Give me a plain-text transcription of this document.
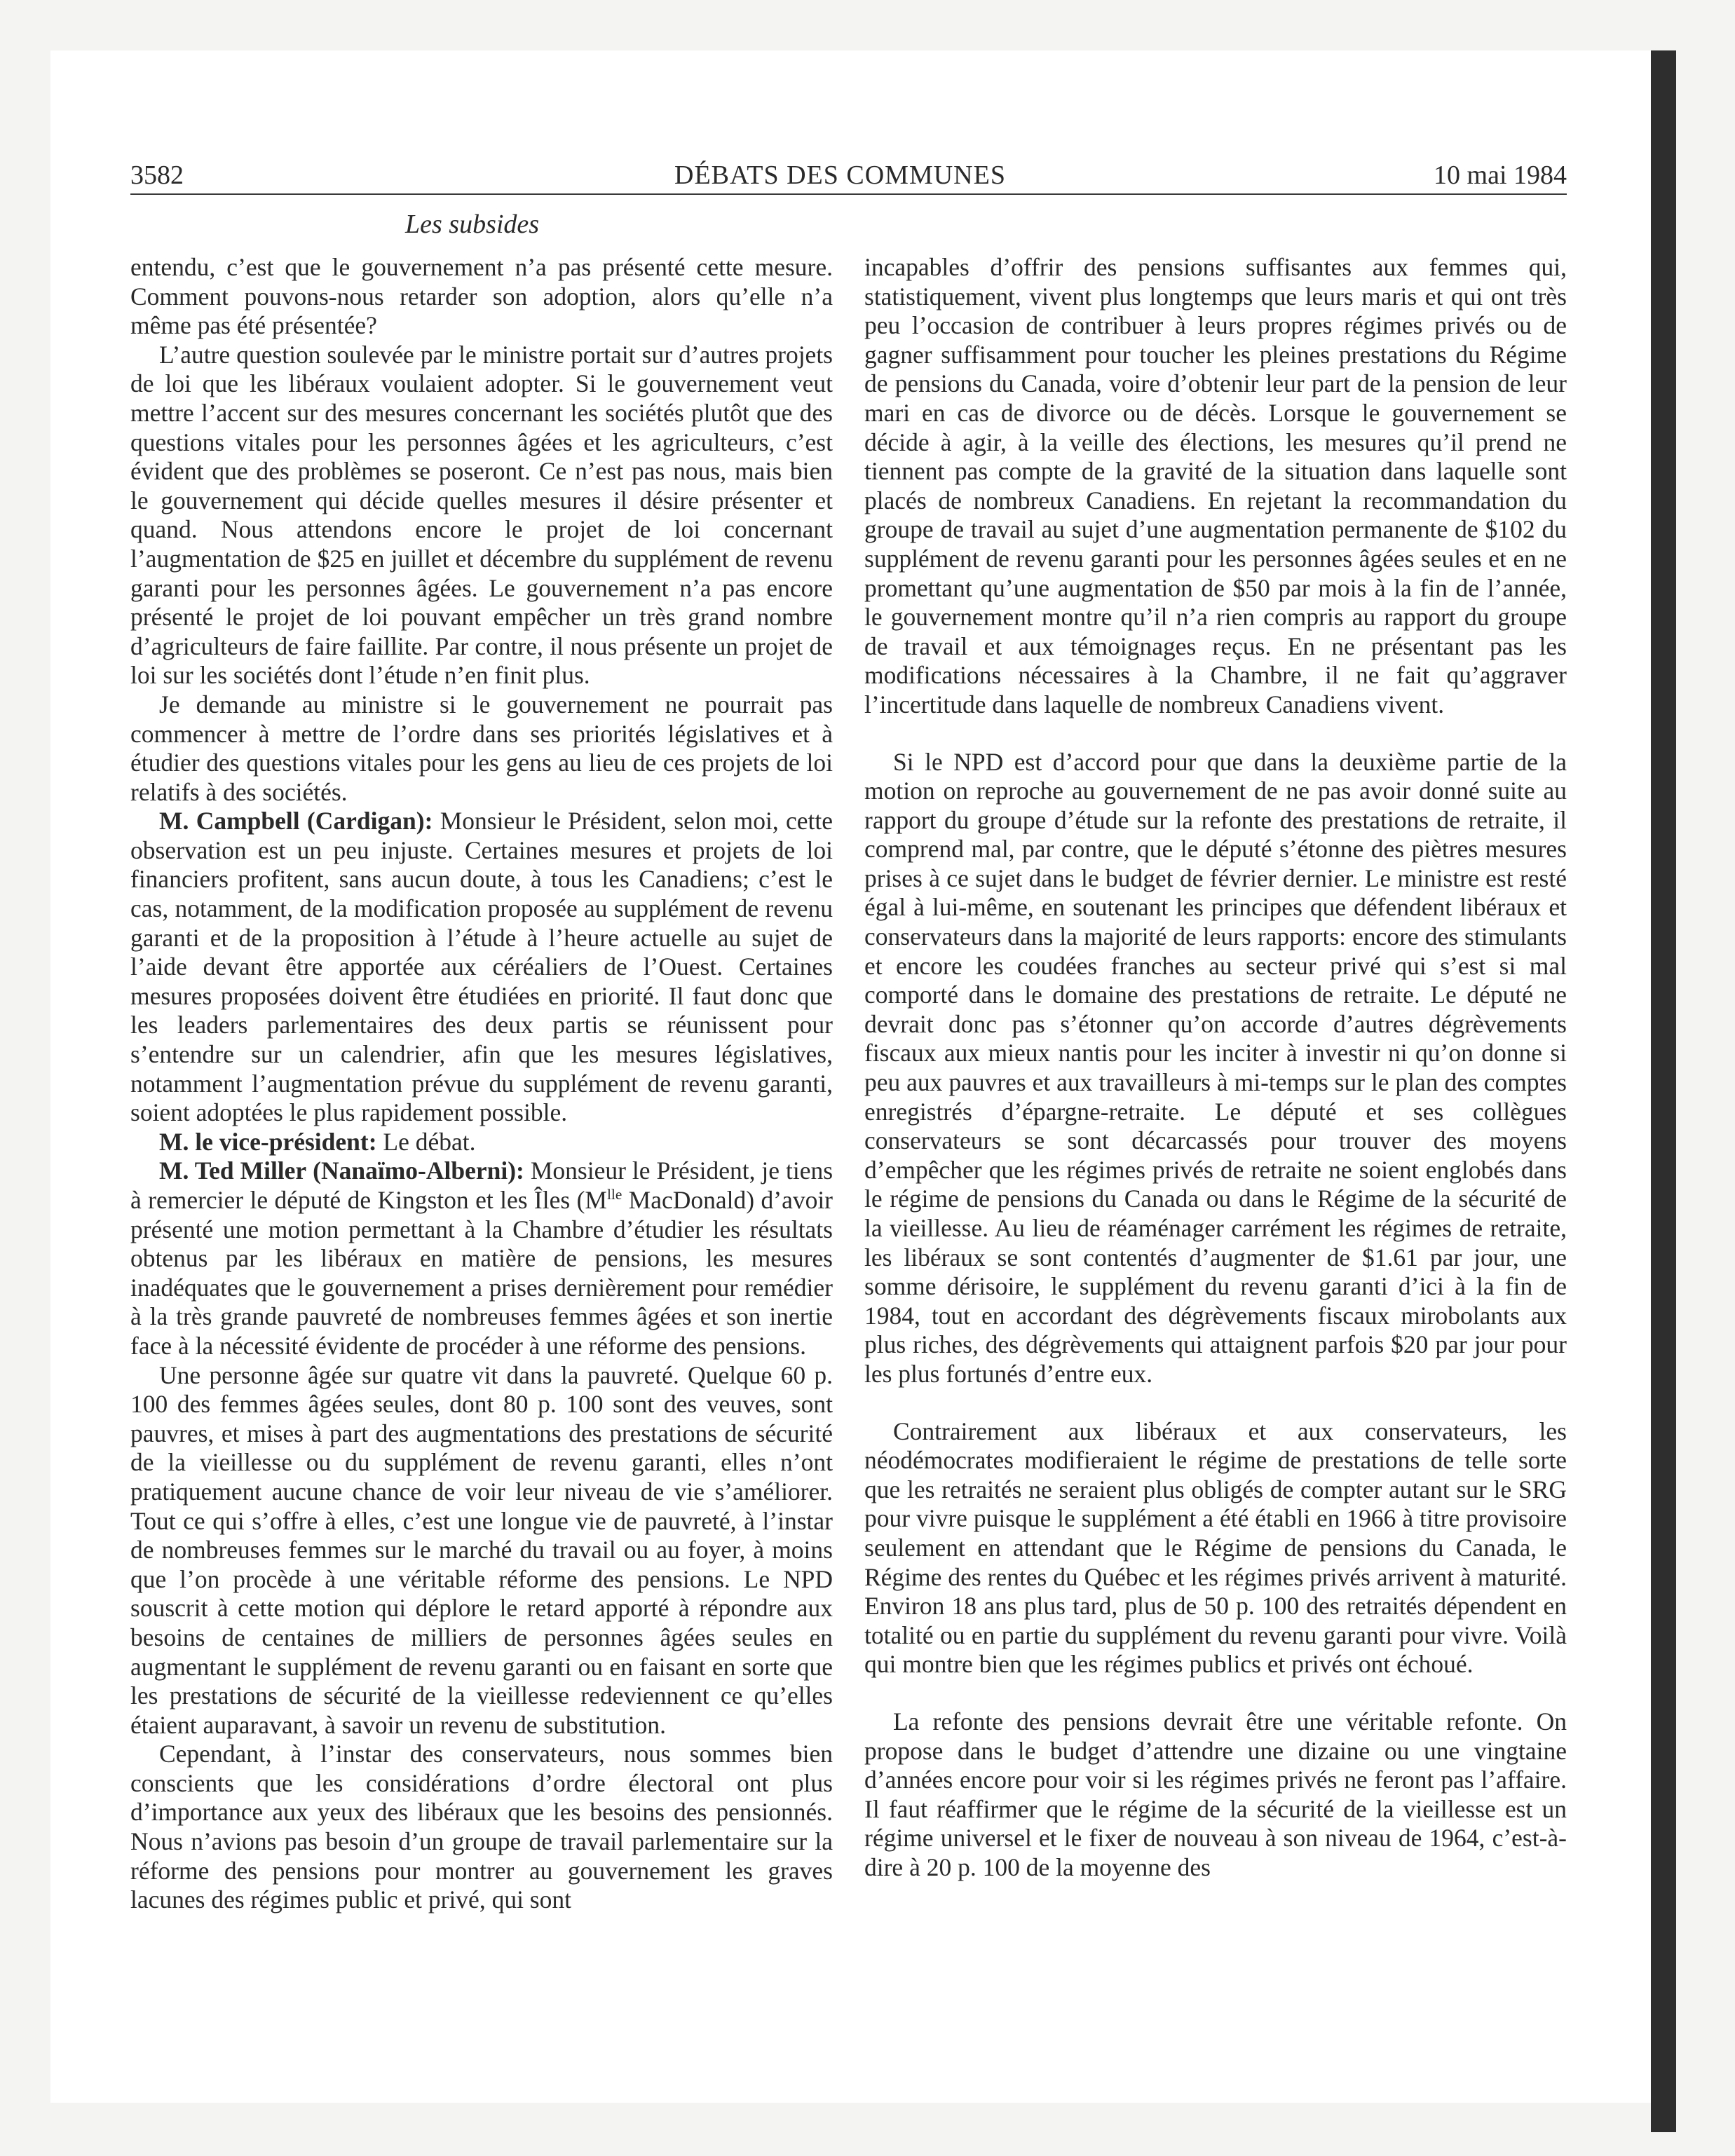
3582	DÉBATS DES COMMUNES	10 mai 1984
Les subsides

entendu, c’est que le gouvernement n’a pas présenté cette mesure. Comment pouvons-nous retarder son adoption, alors qu’elle n’a même pas été présentée?

L’autre question soulevée par le ministre portait sur d’autres projets de loi que les libéraux voulaient adopter. Si le gouvernement veut mettre l’accent sur des mesures concernant les sociétés plutôt que des questions vitales pour les personnes âgées et les agriculteurs, c’est évident que des problèmes se poseront. Ce n’est pas nous, mais bien le gouvernement qui décide quelles mesures il désire présenter et quand. Nous attendons encore le projet de loi concernant l’augmentation de $25 en juillet et décembre du supplément de revenu garanti pour les personnes âgées. Le gouvernement n’a pas encore présenté le projet de loi pouvant empêcher un très grand nombre d’agriculteurs de faire faillite. Par contre, il nous présente un projet de loi sur les sociétés dont l’étude n’en finit plus.

Je demande au ministre si le gouvernement ne pourrait pas commencer à mettre de l’ordre dans ses priorités législatives et à étudier des questions vitales pour les gens au lieu de ces projets de loi relatifs à des sociétés.

M. Campbell (Cardigan): Monsieur le Président, selon moi, cette observation est un peu injuste. Certaines mesures et projets de loi financiers profitent, sans aucun doute, à tous les Canadiens; c’est le cas, notamment, de la modification proposée au supplément de revenu garanti et de la proposition à l’étude à l’heure actuelle au sujet de l’aide devant être apportée aux céréaliers de l’Ouest. Certaines mesures proposées doivent être étudiées en priorité. Il faut donc que les leaders parlementaires des deux partis se réunissent pour s’entendre sur un calendrier, afin que les mesures législatives, notamment l’augmentation prévue du supplément de revenu garanti, soient adoptées le plus rapidement possible.

M. le vice-président: Le débat.

M. Ted Miller (Nanaïmo-Alberni): Monsieur le Président, je tiens à remercier le député de Kingston et les Îles ($M^{lle}$ MacDonald) d’avoir présenté une motion permettant à la Chambre d’étudier les résultats obtenus par les libéraux en matière de pensions, les mesures inadéquates que le gouvernement a prises dernièrement pour remédier à la très grande pauvreté de nombreuses femmes âgées et son inertie face à la nécessité évidente de procéder à une réforme des pensions.

Une personne âgée sur quatre vit dans la pauvreté. Quelque 60 p. 100 des femmes âgées seules, dont 80 p. 100 sont des veuves, sont pauvres, et mises à part des augmentations des prestations de sécurité de la vieillesse ou du supplément de revenu garanti, elles n’ont pratiquement aucune chance de voir leur niveau de vie s’améliorer. Tout ce qui s’offre à elles, c’est une longue vie de pauvreté, à l’instar de nombreuses femmes sur le marché du travail ou au foyer, à moins que l’on procède à une véritable réforme des pensions. Le NPD souscrit à cette motion qui déplore le retard apporté à répondre aux besoins de centaines de milliers de personnes âgées seules en augmentant le supplément de revenu garanti ou en faisant en sorte que les prestations de sécurité de la vieillesse redeviennent ce qu’elles étaient auparavant, à savoir un revenu de substitution.

Cependant, à l’instar des conservateurs, nous sommes bien conscients que les considérations d’ordre électoral ont plus d’importance aux yeux des libéraux que les besoins des pensionnés. Nous n’avions pas besoin d’un groupe de travail parlementaire sur la réforme des pensions pour montrer au gouvernement les graves lacunes des régimes public et privé, qui sont

incapables d’offrir des pensions suffisantes aux femmes qui, statistiquement, vivent plus longtemps que leurs maris et qui ont très peu l’occasion de contribuer à leurs propres régimes privés ou de gagner suffisamment pour toucher les pleines prestations du Régime de pensions du Canada, voire d’obtenir leur part de la pension de leur mari en cas de divorce ou de décès. Lorsque le gouvernement se décide à agir, à la veille des élections, les mesures qu’il prend ne tiennent pas compte de la gravité de la situation dans laquelle sont placés de nombreux Canadiens. En rejetant la recommandation du groupe de travail au sujet d’une augmentation permanente de $102 du supplément de revenu garanti pour les personnes âgées seules et en ne promettant qu’une augmentation de $50 par mois à la fin de l’année, le gouvernement montre qu’il n’a rien compris au rapport du groupe de travail et aux témoignages reçus. En ne présentant pas les modifications nécessaires à la Chambre, il ne fait qu’aggraver l’incertitude dans laquelle de nombreux Canadiens vivent.

Si le NPD est d’accord pour que dans la deuxième partie de la motion on reproche au gouvernement de ne pas avoir donné suite au rapport du groupe d’étude sur la refonte des prestations de retraite, il comprend mal, par contre, que le député s’étonne des piètres mesures prises à ce sujet dans le budget de février dernier. Le ministre est resté égal à lui-même, en soutenant les principes que défendent libéraux et conservateurs dans la majorité de leurs rapports: encore des stimulants et encore les coudées franches au secteur privé qui s’est si mal comporté dans le domaine des prestations de retraite. Le député ne devrait donc pas s’étonner qu’on accorde d’autres dégrèvements fiscaux aux mieux nantis pour les inciter à investir ni qu’on donne si peu aux pauvres et aux travailleurs à mi-temps sur le plan des comptes enregistrés d’épargne-retraite. Le député et ses collègues conservateurs se sont décarcassés pour trouver des moyens d’empêcher que les régimes privés de retraite ne soient englobés dans le régime de pensions du Canada ou dans le Régime de la sécurité de la vieillesse. Au lieu de réaménager carrément les régimes de retraite, les libéraux se sont contentés d’augmenter de $1.61 par jour, une somme dérisoire, le supplément du revenu garanti d’ici à la fin de 1984, tout en accordant des dégrèvements fiscaux mirobolants aux plus riches, des dégrèvements qui attaignent parfois $20 par jour pour les plus fortunés d’entre eux.

Contrairement aux libéraux et aux conservateurs, les néodémocrates modifieraient le régime de prestations de telle sorte que les retraités ne seraient plus obligés de compter autant sur le SRG pour vivre puisque le supplément a été établi en 1966 à titre provisoire seulement en attendant que le Régime de pensions du Canada, le Régime des rentes du Québec et les régimes privés arrivent à maturité. Environ 18 ans plus tard, plus de 50 p. 100 des retraités dépendent en totalité ou en partie du supplément du revenu garanti pour vivre. Voilà qui montre bien que les régimes publics et privés ont échoué.

La refonte des pensions devrait être une véritable refonte. On propose dans le budget d’attendre une dizaine ou une vingtaine d’années encore pour voir si les régimes privés ne feront pas l’affaire. Il faut réaffirmer que le régime de la sécurité de la vieillesse est un régime universel et le fixer de nouveau à son niveau de 1964, c’est-à-dire à 20 p. 100 de la moyenne des
